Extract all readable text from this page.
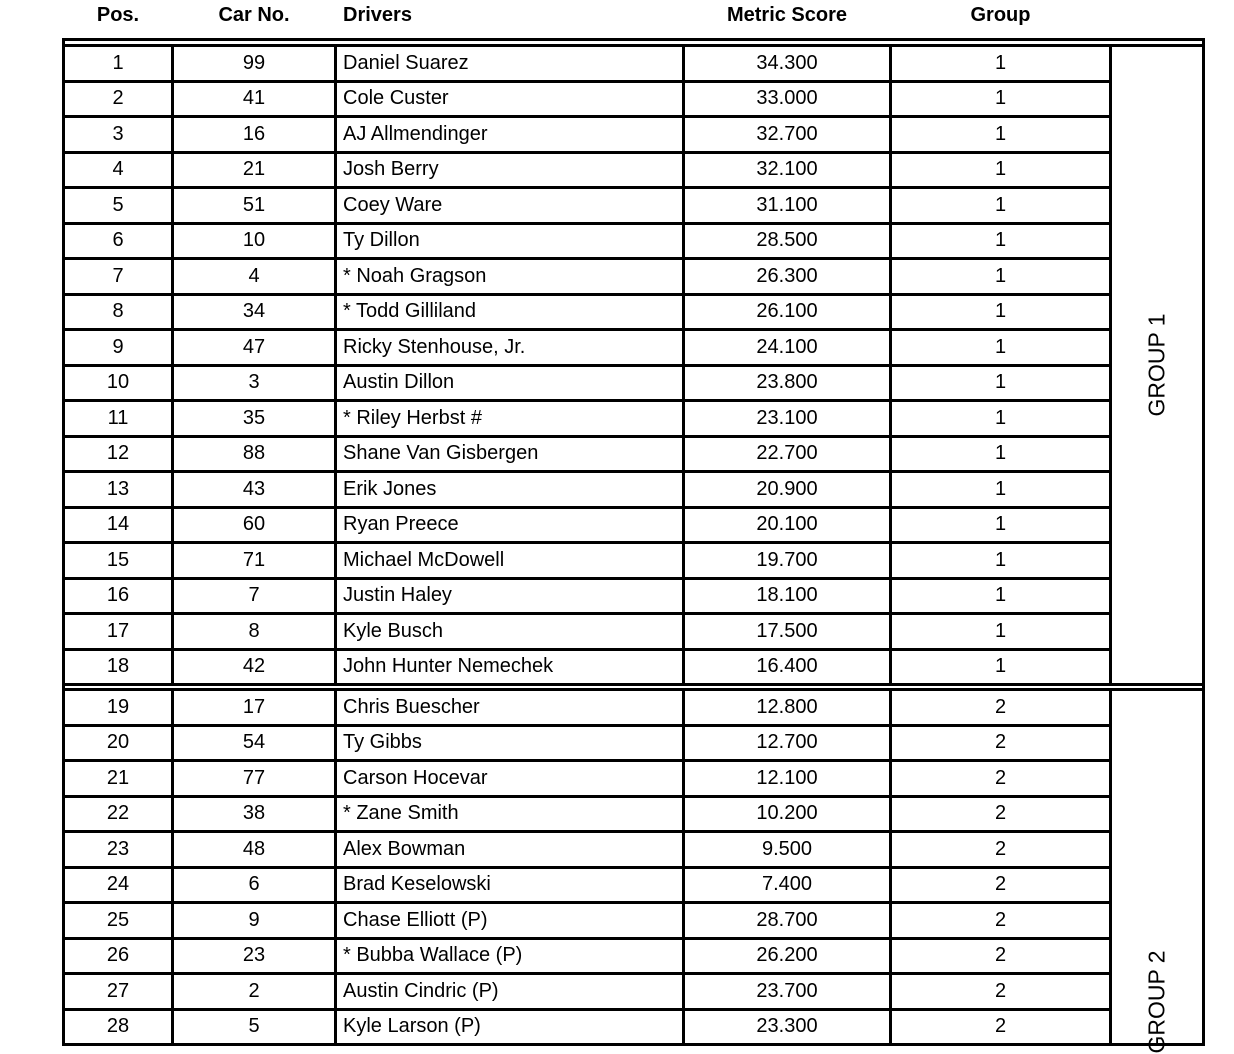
Pos.	Car No.	Drivers	Metric Score	Group
GROUP 1
GROUP 2
1	99	Daniel Suarez	34.300	1
2	41	Cole Custer	33.000	1
3	16	AJ Allmendinger	32.700	1
4	21	Josh Berry	32.100	1
5	51	Coey Ware	31.100	1
6	10	Ty Dillon	28.500	1
7	4	* Noah Gragson	26.300	1
8	34	* Todd Gilliland	26.100	1
9	47	Ricky Stenhouse, Jr.	24.100	1
10	3	Austin Dillon	23.800	1
11	35	* Riley Herbst #	23.100	1
12	88	Shane Van Gisbergen	22.700	1
13	43	Erik Jones	20.900	1
14	60	Ryan Preece	20.100	1
15	71	Michael McDowell	19.700	1
16	7	Justin Haley	18.100	1
17	8	Kyle Busch	17.500	1
18	42	John Hunter Nemechek	16.400	1
19	17	Chris Buescher	12.800	2
20	54	Ty Gibbs	12.700	2
21	77	Carson Hocevar	12.100	2
22	38	* Zane Smith	10.200	2
23	48	Alex Bowman	9.500	2
24	6	Brad Keselowski	7.400	2
25	9	Chase Elliott (P)	28.700	2
26	23	* Bubba Wallace (P)	26.200	2
27	2	Austin Cindric (P)	23.700	2
28	5	Kyle Larson (P)	23.300	2
